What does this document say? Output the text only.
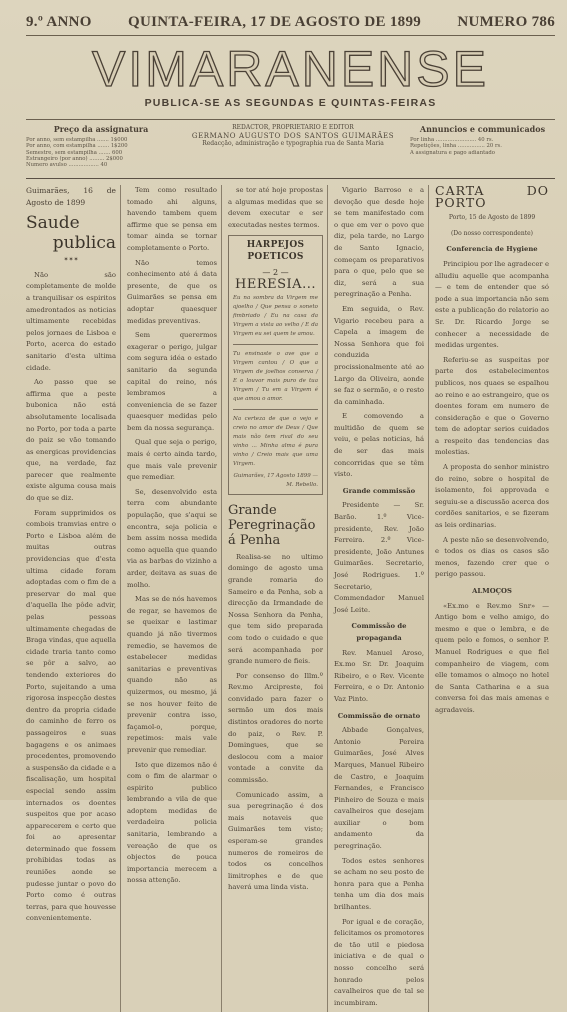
9.º ANNO QUINTA-FEIRA, 17 DE AGOSTO DE 1899 NUMERO 786
VIMARANENSE
PUBLICA-SE AS SEGUNDAS E QUINTAS-FEIRAS
Preço da assignatura
Por anno, sem estampilha ....... 1$000
Por anno, com estampilha ....... 1$200
Semestre, sem estampilha ....... 600
Estrangeiro (por anno) ......... 2$000
Numero avulso .................. 40
REDACTOR, PROPRIETARIO E EDITOR
GERMANO AUGUSTO DOS SANTOS GUIMARÃES
Redacção, administração e typographia rua de Santa Maria
Annuncios e communicados
Por linha ........................ 40 rs.
Repetições, linha ................ 20 rs.
A assignatura e pago adiantado
Guimarães, 16 de Agosto de 1899
Saude
publica
✶✶✶

Não são completamente de molde a tranquilisar os espiritos amedrontados as noticias ultimamente recebidas pelos jornaes de Lisboa e Porto, acerca do estado sanitario d'esta ultima cidade.

Ao passo que se affirma que a peste bubonica não está absolutamente localisada no Porto, por toda a parte do paiz se vão tomando as energicas providencias que, na verdade, faz parecer que realmente existe alguma cousa mais do que se diz.

Foram supprimidos os combois tramvias entre o Porto e Lisboa além de muitas outras providencias que d'esta ultima cidade foram adoptadas com o fim de a preservar do mal que d'aquella lhe pôde advir, pelas pessoas ultimamente chegadas de Braga vindas, que aquella cidade traria tanto como se pôr a salvo, ao tendendo exteriores do Porto, sujeitando a uma rigorosa inspecção destes dentro da propria cidade do caminho de ferro os passageiros e suas bagagens e os animaes procedentes, promovendo a suspensão da cidade e a fiscalisação, um hospital especial sendo assim internados os doentes suspeitos que por acaso apparecerem e certo que foi ao apresentar determinado que fossem prohibidas todas as reuniões aonde se pudesse juntar o povo do Porto como é outras terras, para que houvesse convenientemente.

Tem como resultado tomado ahi alguns, havendo tambem quem affirme que se pensa em tomar ainda se tornar completamente o Porto.

Não temos conhecimento até á data presente, de que os Guimarães se pensa em adoptar quaesquer medidas preventivas.

Sem querermos exagerar o perigo, julgar com segura idéa o estado sanitario da segunda capital do reino, nós lembramos a conveniencia de se fazer quaesquer medidas pelo bem da nossa segurança.

Qual que seja o perigo, mais é certo ainda tardo, que mais vale prevenir que remediar.

Se, desenvolvido esta terra com abundante população, que s'aqui se encontra, seja policia e bem assim nossa medida como aquella que quando via as barbas do vizinho a arder, deitava as suas de molho.

Mas se de nós havemos de regar, se havemos de se queixar e lastimar quando já não tivermos remedio, se havemos de estabelecer medidas sanitarias e preventivas quando não as quizermos, ou mesmo, já se nos houver feito de prevenir contra isso, façamol-o, porque, repetimos: mais vale prevenir que remediar.

Isto que dizemos não é com o fim de alarmar o espirito publico lembrando a vila de que adoptem medidas de verdadeira policia sanitaria, lembrando a vereação de que os objectos de pouca importancia merecem a nossa attenção.

se tor até hoje propostas a algumas medidas que se devem executar e ser executadas nestes termos.

HARPEJOS POETICOS
— 2 —
HERESIA...
Eu na sombra da Virgem me ajoelho / Que pensa o soneto fimbriado / Eu na casa da Virgem a vista ao velho / E da Virgem eu sei quem te amou.
Tu ensinaste o ave que a Virgem cantou / O que a Virgem de joelhos conserva / E o louvor mais puro de tua Virgem / Tu em a Virgem é que amou o amor.
Na certeza de que o vejo e creio no amor de Deus / Que mais não tem rival do seu vinho ... Minha alma é pura vinho / Creio mais que uma Virgem.
Guimarães, 17 Agosto 1899 — M. Rebello.
Grande Peregrinação á Penha

Realisa-se no ultimo domingo de agosto uma grande romaria do Sameiro e da Penha, sob a direcção da Irmandade de Nossa Senhora da Penha, que tem sido preparada com todo o cuidado e que será acompanhada por grande numero de fieis.

Por consenso do Illm.º Rev.mo Arcipreste, foi convidado para fazer o sermão um dos mais distintos oradores do norte do paiz, o Rev. P. Domingues, que se deslocou com a maior vontade a convite da commissão.

Comunicado assim, a sua peregrinação é dos mais notaveis que Guimarães tem visto; esperam-se grandes numeros de romeiros de todos os concelhos limitrophes e de que haverá uma linda vista.

Vigario Barroso e a devoção que desde hoje se tem manifestado com o que em ver o povo que diz, pela tarde, no Largo de Santo Ignacio, começam os preparativos para o que, pelo que se diz, será a sua peregrinação a Penha.

Em seguida, o Rev. Vigario recebeu para a Capela a imagem de Nossa Senhora que foi conduzida procissionalmente até ao Largo da Oliveira, aonde se faz o sermão, e o resto da caminhada.

E comovendo a multidão de quem se veiu, e pelas noticias, há de ser das mais concorridas que se têm visto.

Grande commissão

Presidente — Sr. Barão. 1.º Vice-presidente, Rev. João Ferreira. 2.º Vice-presidente, João Antunes Guimarães. Secretario, José Rodrigues. 1.º Secretario, Commendador Manuel José Leite.

Commissão de propaganda

Rev. Manuel Aroso, Ex.mo Sr. Dr. Joaquim Ribeiro, e o Rev. Vicente Ferreira, e o Dr. Antonio Vaz Pinto.

Commissão de ornato

Abbade Gonçalves, Antonio Pereira Guimarães, José Alves Marques, Manuel Ribeiro de Castro, e Joaquim Fernandes, e Francisco Pinheiro de Souza e mais cavalheiros que desejam auxiliar o bom andamento da peregrinação.

Todos estes senhores se acham no seu posto de honra para que a Penha tenha um dia dos mais brilhantes.

Por igual e de coração, felicitamos os promotores de tão util e piedosa iniciativa e de qual o nosso concelho será honrado pelos cavalheiros que de tal se incumbiram.

CARTA DO PORTO
Porto, 15 de Agosto de 1899
(Do nosso correspondente)
Conferencia de Hygiene

Principiou por lhe agradecer e alludiu aquelle que acompanha — e tem de entender que só pode a sua importancia não sem este a publicação do relatorio ao Sr. Dr. Ricardo Jorge se conhecer a necessidade de medidas urgentes.

Referiu-se as suspeitas por parte dos estabelecimentos publicos, nos quaes se espalhou ao reino e ao estrangeiro, que os doentes foram em numero de consideração e que o Governo tem de adoptar serios cuidados a respeito das tendencias das molestias.

A proposta do senhor ministro do reino, sobre o hospital de isolamento, foi approvada e seguiu-se a discussão acerca dos cordões sanitarios, e se fizeram as leis ordinarias.

A peste não se desenvolvendo, e todos os dias os casos são menos, fazendo crer que o perigo passou.

ALMOÇOS

«Ex.mo e Rev.mo Snr» — Antigo bom e velho amigo, do mesmo e que o lembra, e de quem pelo e fomos, o senhor P. Manuel Rodrigues e que fiel companheiro de viagem, com elle tomamos o almoço no hotel de Santa Catharina e a sua conversa foi das mais amenas e agradaveis.
